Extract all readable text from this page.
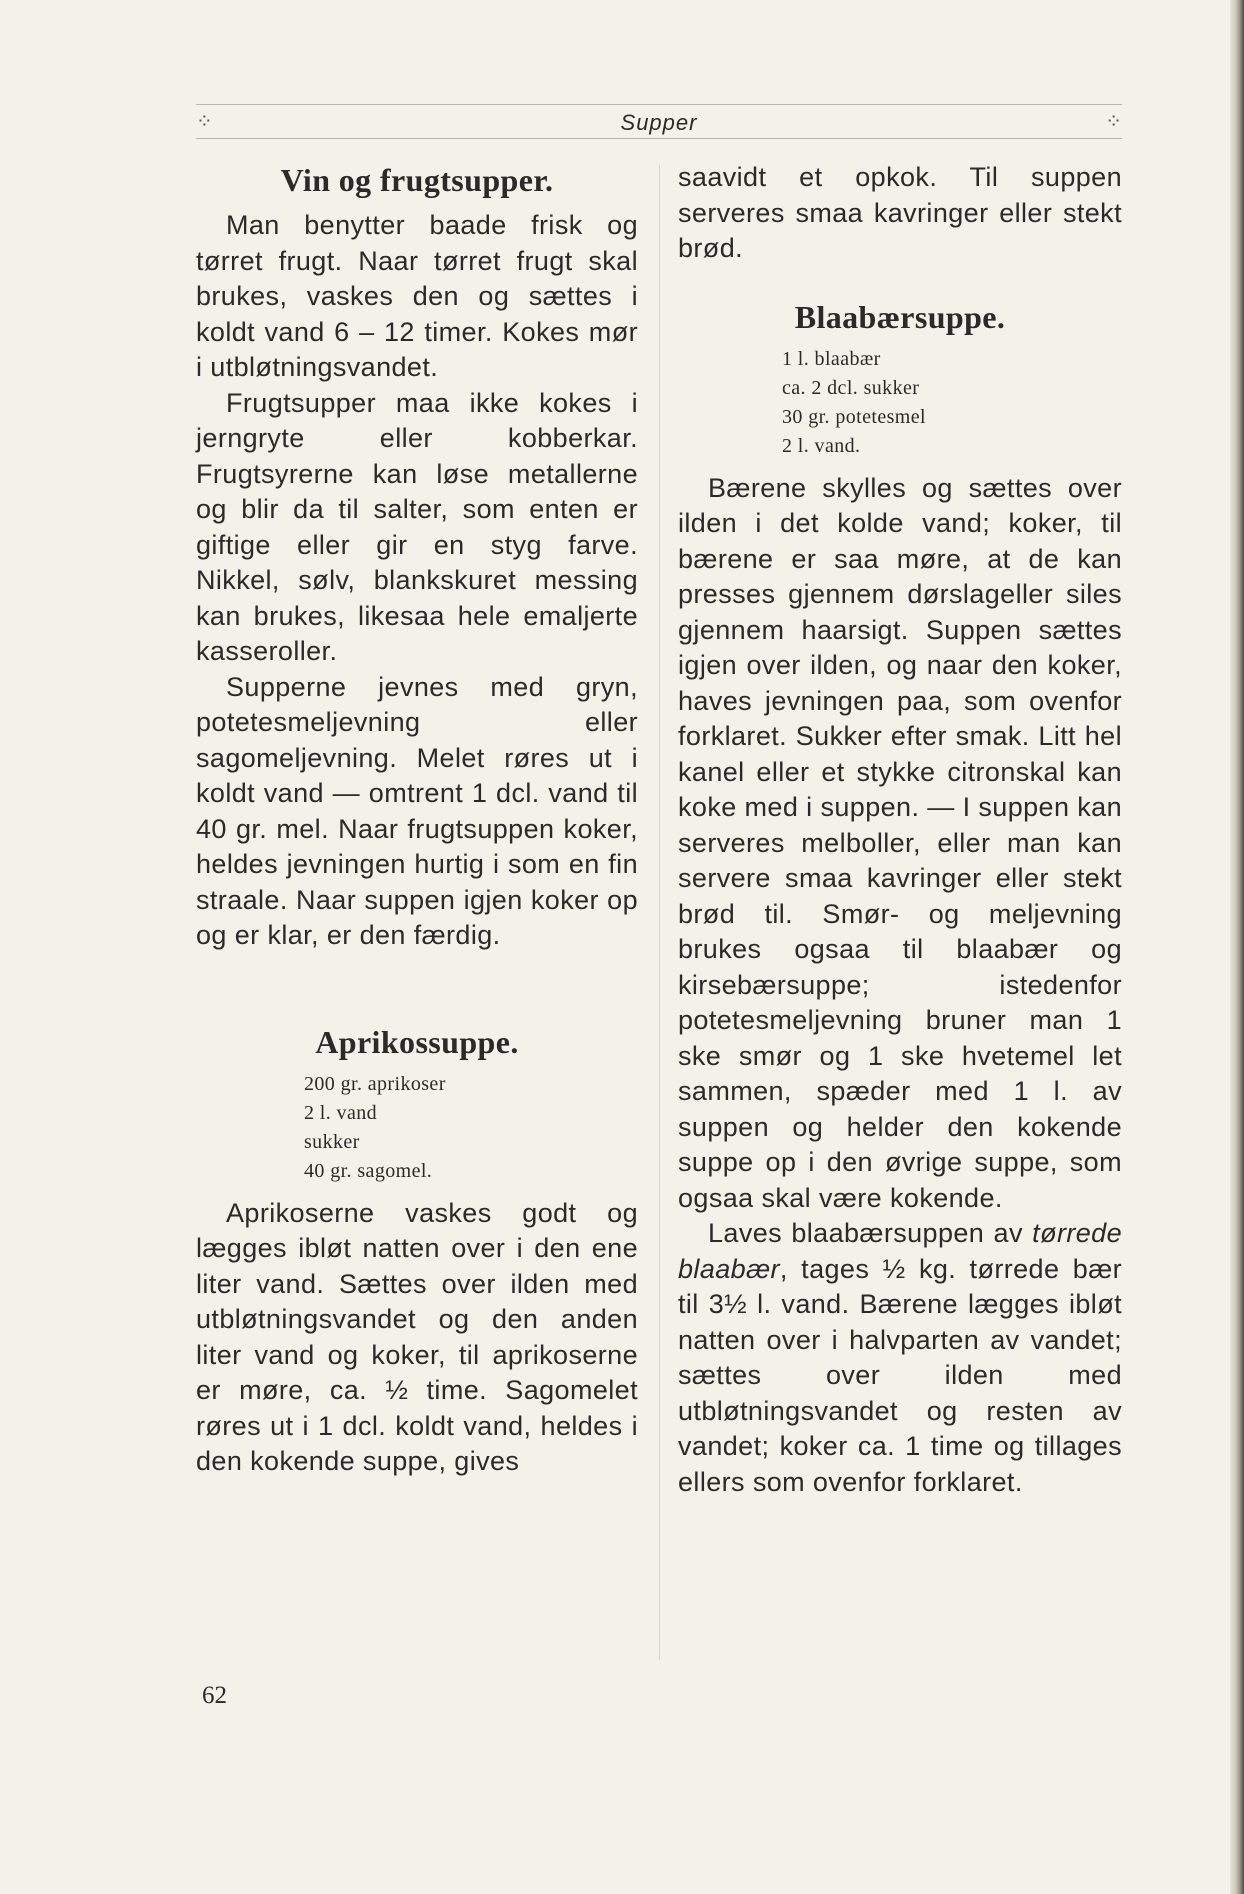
⁘	Supper	⁘
Vin og frugtsupper.

Man benytter baade frisk og tørret frugt. Naar tørret frugt skal brukes, vaskes den og sættes i koldt vand 6 – 12 timer. Kokes mør i utbløtningsvandet.

Frugtsupper maa ikke kokes i jerngryte eller kobberkar. Frugtsyrerne kan løse metallerne og blir da til salter, som enten er giftige eller gir en styg farve. Nikkel, sølv, blankskuret messing kan brukes, likesaa hele emaljerte kasseroller.

Supperne jevnes med gryn, potetesmeljevning eller sagomeljevning. Melet røres ut i koldt vand — omtrent 1 dcl. vand til 40 gr. mel. Naar frugtsuppen koker, heldes jevningen hurtig i som en fin straale. Naar suppen igjen koker op og er klar, er den færdig.

Aprikossuppe.
200 gr. aprikoser
2 l. vand
sukker
40 gr. sagomel.

Aprikoserne vaskes godt og lægges ibløt natten over i den ene liter vand. Sættes over ilden med utbløtningsvandet og den anden liter vand og koker, til aprikoserne er møre, ca. ½ time. Sagomelet røres ut i 1 dcl. koldt vand, heldes i den kokende suppe, gives

saavidt et opkok. Til suppen serveres smaa kavringer eller stekt brød.

Blaabærsuppe.
1 l. blaabær
ca. 2 dcl. sukker
30 gr. potetesmel
2 l. vand.

Bærene skylles og sættes over ilden i det kolde vand; koker, til bærene er saa møre, at de kan presses gjennem dørslageller siles gjennem haarsigt. Suppen sættes igjen over ilden, og naar den koker, haves jevningen paa, som ovenfor forklaret. Sukker efter smak. Litt hel kanel eller et stykke citronskal kan koke med i suppen. — I suppen kan serveres melboller, eller man kan servere smaa kavringer eller stekt brød til. Smør- og meljevning brukes ogsaa til blaabær og kirsebærsuppe; istedenfor potetesmeljevning bruner man 1 ske smør og 1 ske hvetemel let sammen, spæder med 1 l. av suppen og helder den kokende suppe op i den øvrige suppe, som ogsaa skal være kokende.

Laves blaabærsuppen av tørrede blaabær, tages ½ kg. tørrede bær til 3½ l. vand. Bærene lægges ibløt natten over i halvparten av vandet; sættes over ilden med utbløtningsvandet og resten av vandet; koker ca. 1 time og tillages ellers som ovenfor forklaret.

62
